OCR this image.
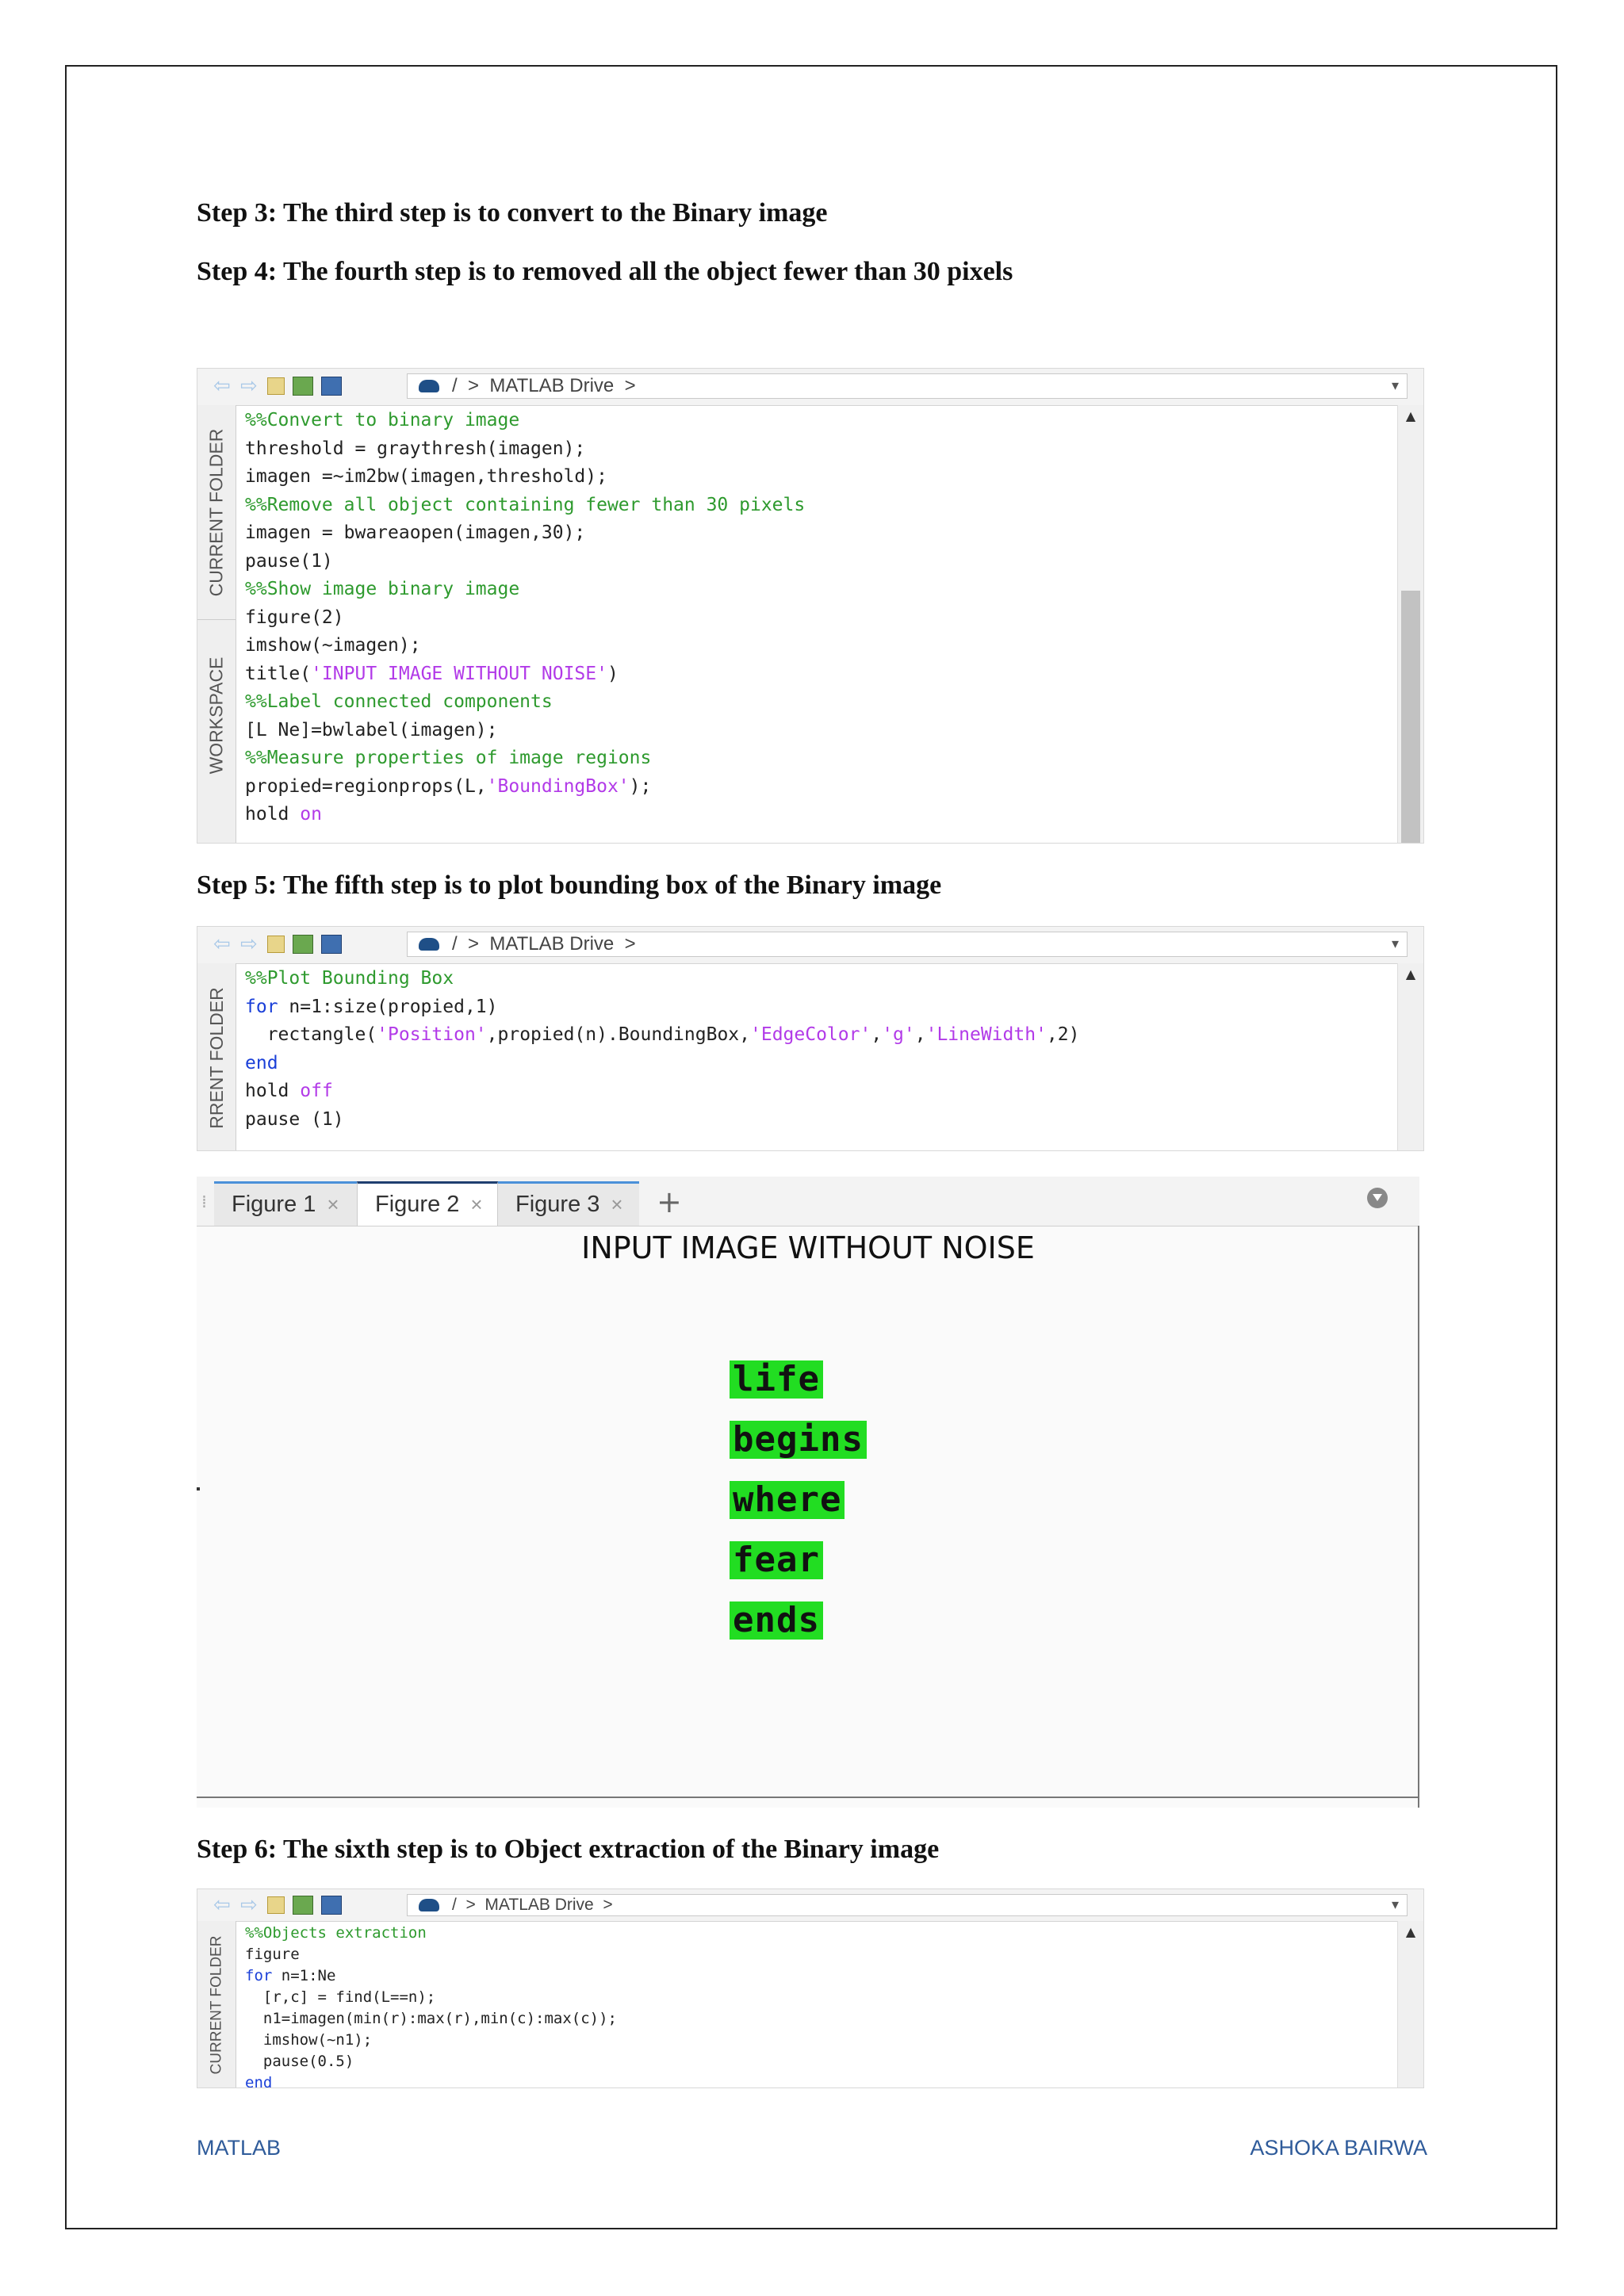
Step 3: The third step is to convert to the Binary image
Step 4: The fourth step is to removed all the object fewer than 30 pixels
⇦ ⇨	/  >  MATLAB Drive  >	▾
CURRENT FOLDER
WORKSPACE
%%Convert to binary image
threshold = graythresh(imagen);
imagen =~im2bw(imagen,threshold);
%%Remove all object containing fewer than 30 pixels
imagen = bwareaopen(imagen,30);
pause(1)
%%Show image binary image
figure(2)
imshow(~imagen);
title('INPUT IMAGE WITHOUT NOISE')
%%Label connected components
[L Ne]=bwlabel(imagen);
%%Measure properties of image regions
propied=regionprops(L,'BoundingBox');
hold on
▲
Step 5: The fifth step is to plot bounding box of the Binary image
⇦ ⇨	/  >  MATLAB Drive  >	▾
RRENT FOLDER
%%Plot Bounding Box
for n=1:size(propied,1)
rectangle('Position',propied(n).BoundingBox,'EdgeColor','g','LineWidth',2)
end
hold off
pause (1)
▲
⁞ Figure 1 × Figure 2 × Figure 3 × +
INPUT IMAGE WITHOUT NOISE
life
begins
where
fear
ends
Step 6: The sixth step is to Object extraction of the Binary image
⇦ ⇨	/  >  MATLAB Drive  >	▾
CURRENT FOLDER
%%Objects extraction
figure
for n=1:Ne
[r,c] = find(L==n);
n1=imagen(min(r):max(r),min(c):max(c));
imshow(~n1);
pause(0.5)
end
▲
MATLAB	ASHOKA BAIRWA
